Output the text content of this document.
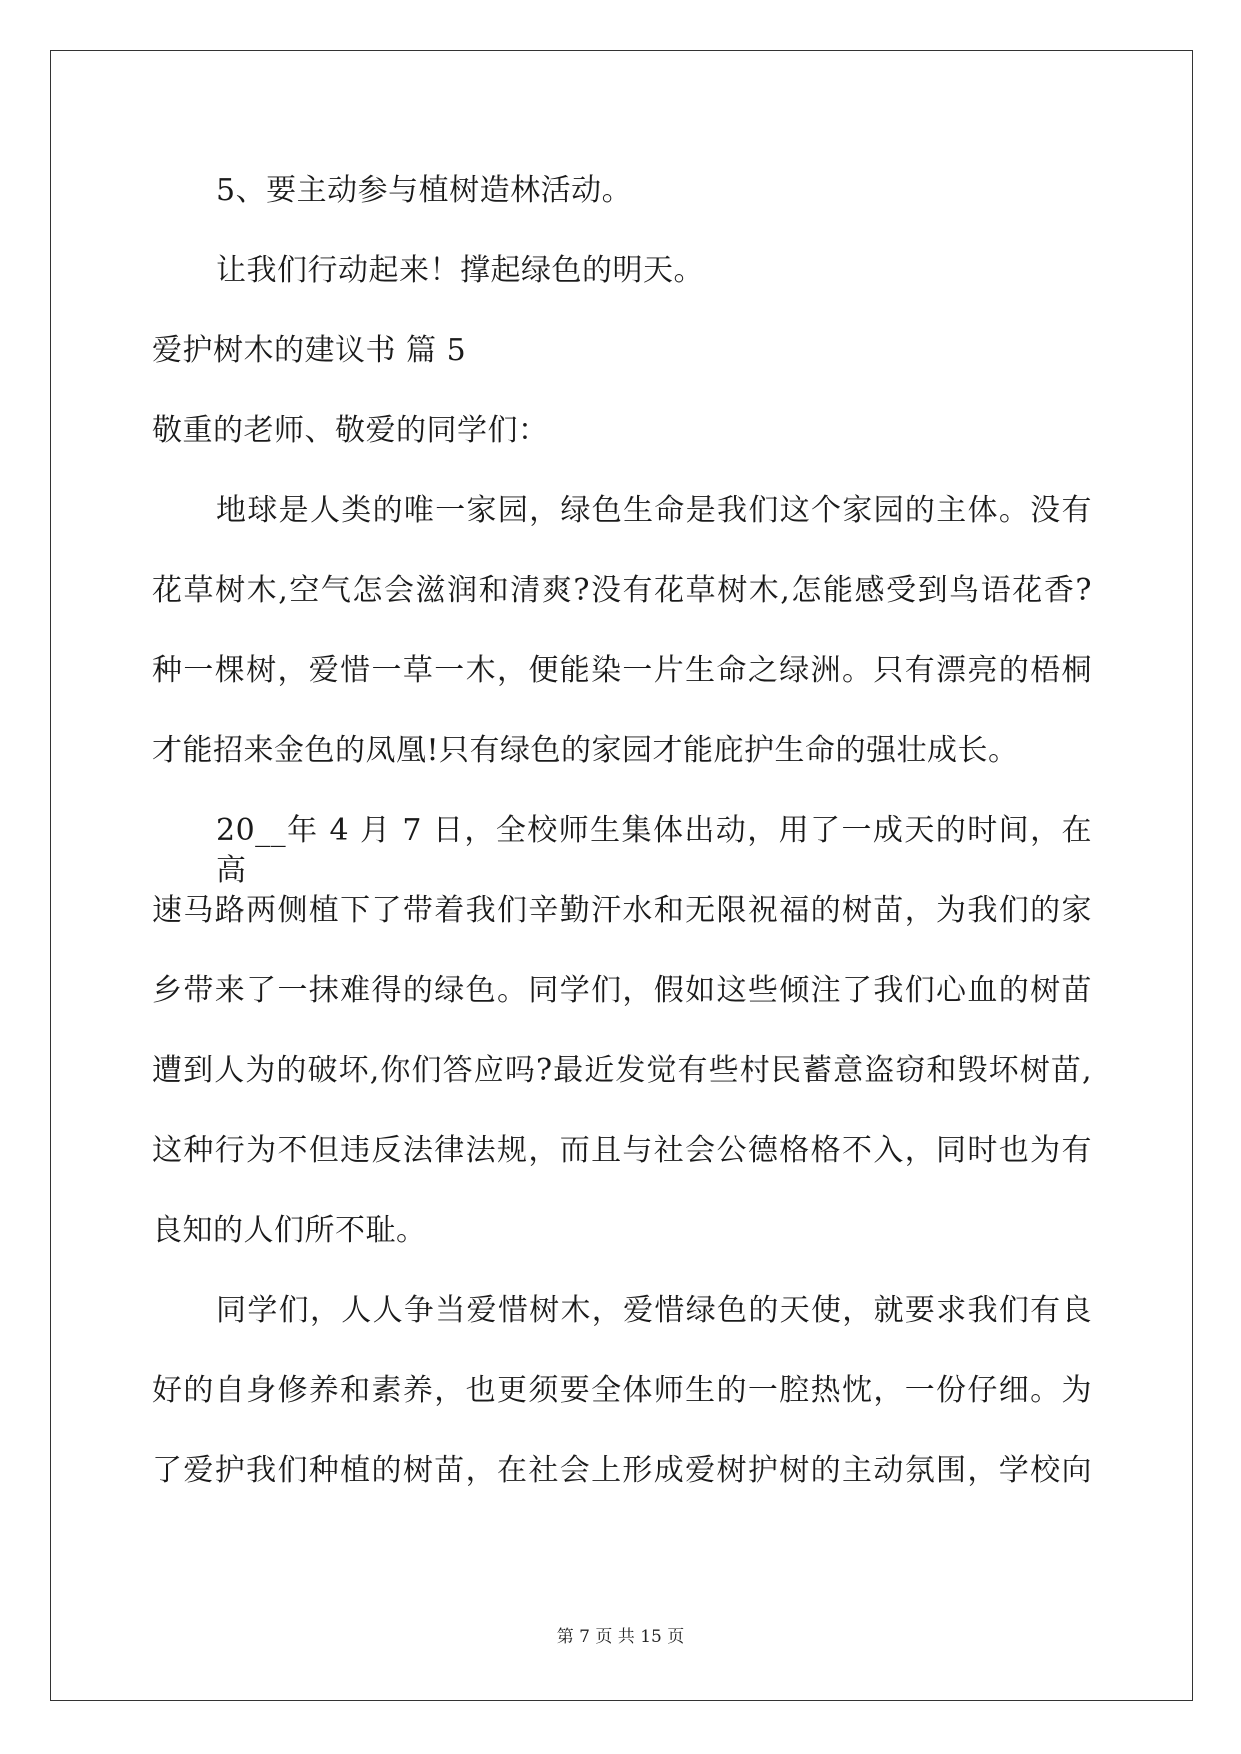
5、要主动参与植树造林活动。
让我们行动起来！撑起绿色的明天。
爱护树木的建议书 篇 5
敬重的老师、敬爱的同学们：
地球是人类的唯一家园，绿色生命是我们这个家园的主体。没有
花草树木,空气怎会滋润和清爽?没有花草树木,怎能感受到鸟语花香?
种一棵树，爱惜一草一木，便能染一片生命之绿洲。只有漂亮的梧桐
才能招来金色的凤凰!只有绿色的家园才能庇护生命的强壮成长。
20__年 4 月 7 日，全校师生集体出动，用了一成天的时间，在高
速马路两侧植下了带着我们辛勤汗水和无限祝福的树苗，为我们的家
乡带来了一抹难得的绿色。同学们，假如这些倾注了我们心血的树苗
遭到人为的破坏,你们答应吗?最近发觉有些村民蓄意盗窃和毁坏树苗,
这种行为不但违反法律法规，而且与社会公德格格不入，同时也为有
良知的人们所不耻。
同学们，人人争当爱惜树木，爱惜绿色的天使，就要求我们有良
好的自身修养和素养，也更须要全体师生的一腔热忱，一份仔细。为
了爱护我们种植的树苗，在社会上形成爱树护树的主动氛围，学校向
第 7 页 共 15 页
